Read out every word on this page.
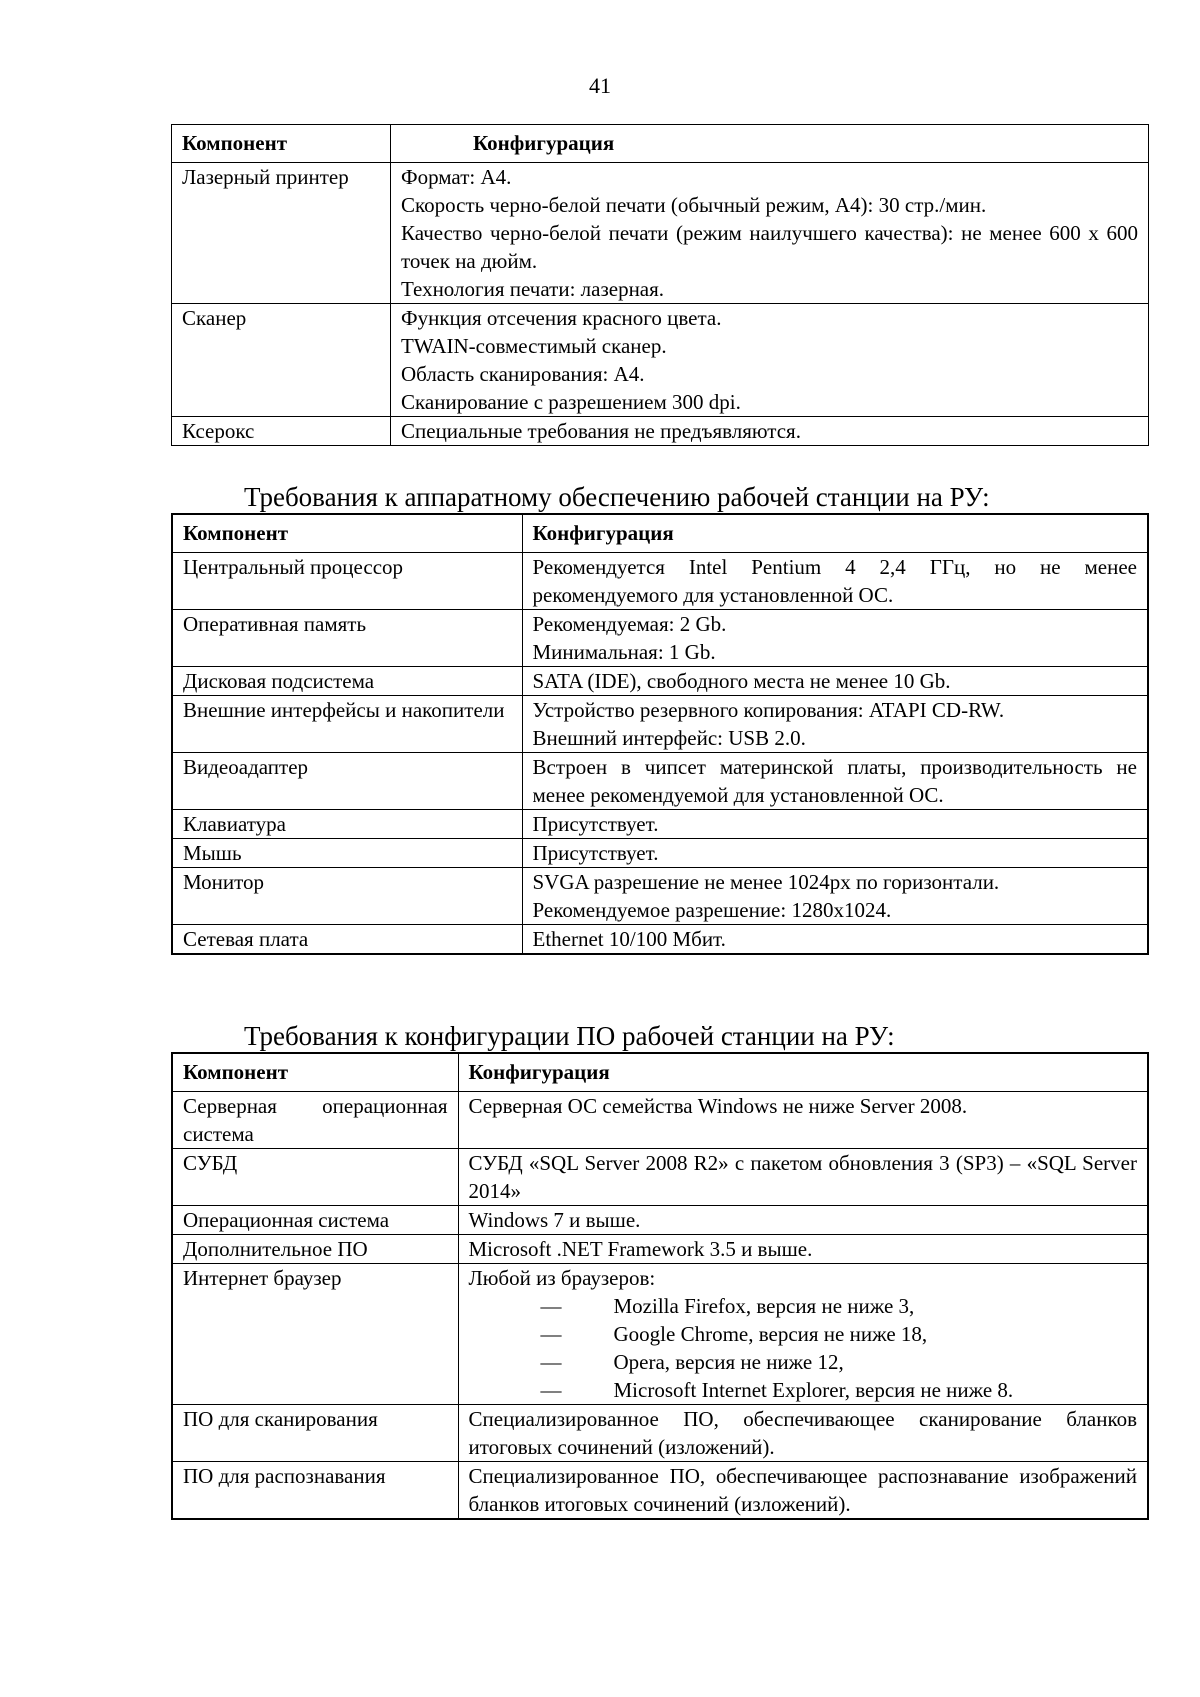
41
Компонент	Конфигурация
Лазерный принтер	Формат: А4.
Скорость черно-белой печати (обычный режим, А4): 30 стр./мин.
Качество черно-белой печати (режим наилучшего качества): не менее 600 х 600 точек на дюйм.
Технология печати: лазерная.

Сканер	Функция отсечения красного цвета.
TWAIN-совместимый сканер.
Область сканирования: А4.
Сканирование с разрешением 300 dpi.

Ксерокс	Специальные требования не предъявляются.
Требования к аппаратному обеспечению рабочей станции на РУ:
Компонент	Конфигурация
Центральный процессор	Рекомендуется Intel Pentium 4 2,4 ГГц, но не менее рекомендуемого для установленной ОС.
Оперативная память	Рекомендуемая: 2 Gb.
Минимальная: 1 Gb.

Дисковая подсистема	SATA (IDE), свободного места не менее 10 Gb.
Внешние интерфейсы и накопители	Устройство резервного копирования: ATAPI CD-RW.
Внешний интерфейс: USB 2.0.

Видеоадаптер	Встроен в чипсет материнской платы, производительность не менее рекомендуемой для установленной ОС.
Клавиатура	Присутствует.
Мышь	Присутствует.
Монитор	SVGA разрешение не менее 1024px по горизонтали.
Рекомендуемое разрешение: 1280х1024.

Сетевая плата	Ethernet 10/100 Мбит.
Требования к конфигурации ПО рабочей станции на РУ:
Компонент	Конфигурация
Серверная операционная система	Серверная ОС семейства Windows не ниже Server 2008.
СУБД	СУБД «SQL Server 2008 R2» с пакетом обновления 3 (SP3) – «SQL Server 2014»
Операционная система	Windows 7 и выше.
Дополнительное ПО	Microsoft .NET Framework 3.5 и выше.
Интернет браузер	Любой из браузеров:
— Mozilla Firefox, версия не ниже 3,
— Google Chrome, версия не ниже 18,
— Opera, версия не ниже 12,
— Microsoft Internet Explorer, версия не ниже 8.

ПО для сканирования	Специализированное ПО, обеспечивающее сканирование бланков итоговых сочинений (изложений).
ПО для распознавания	Специализированное ПО, обеспечивающее распознавание изображений бланков итоговых сочинений (изложений).
